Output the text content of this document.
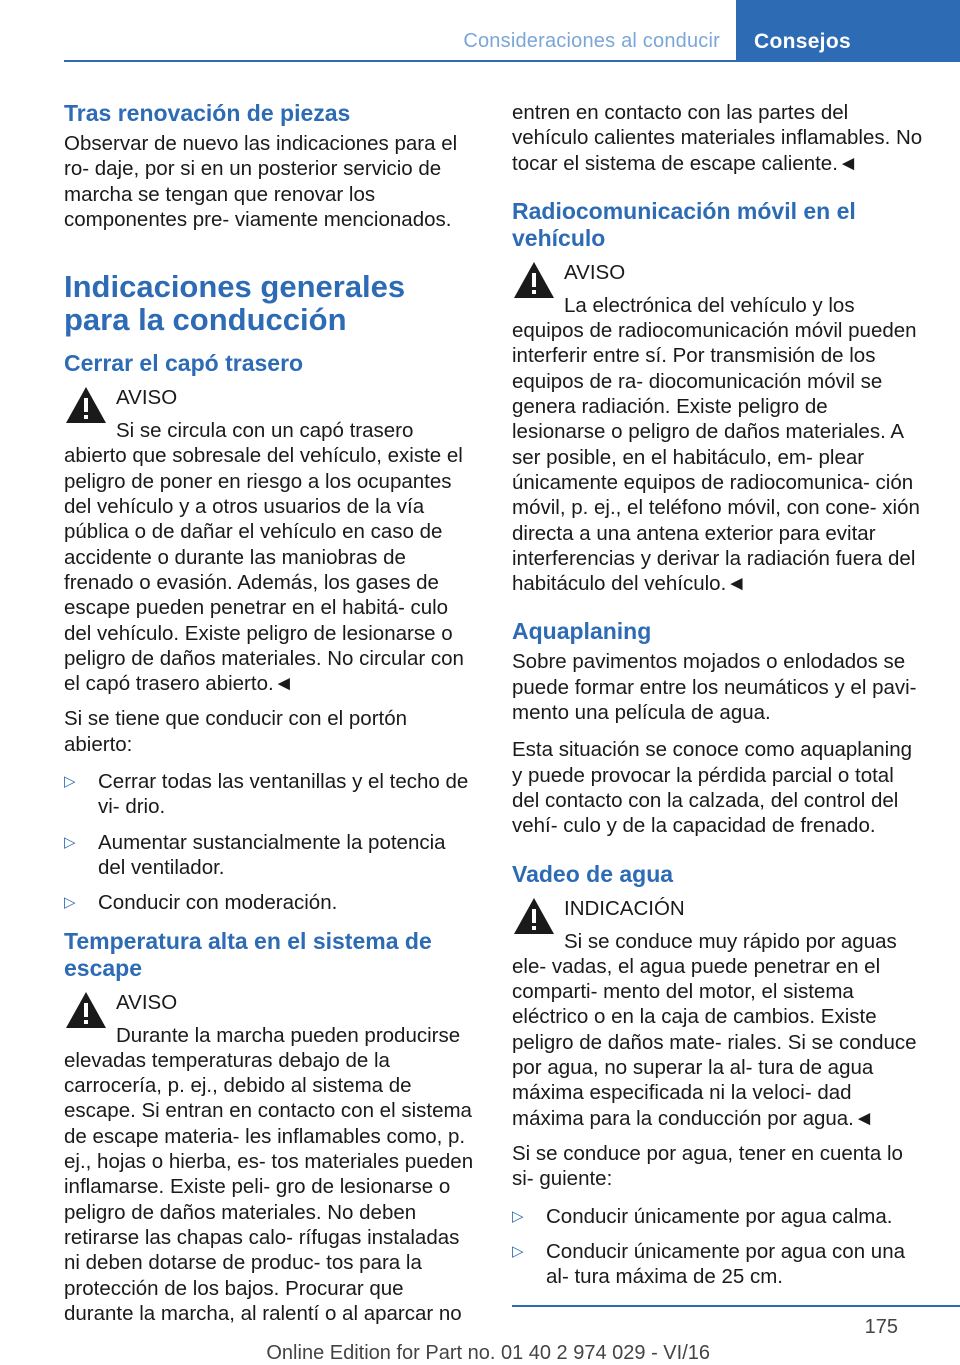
Consideraciones al conducir	Consejos
Tras renovación de piezas

Observar de nuevo las indicaciones para el ro‐ daje, por si en un posterior servicio de marcha se tengan que renovar los componentes pre‐ viamente mencionados.

Indicaciones generales para la conducción
Cerrar el capó trasero
AVISO
Si se circula con un capó trasero abierto que sobresale del vehículo, existe el peligro de poner en riesgo a los ocupantes del vehículo y a otros usuarios de la vía pública o de dañar el vehículo en caso de accidente o durante las maniobras de frenado o evasión. Además, los gases de escape pueden penetrar en el habitá‐ culo del vehículo. Existe peligro de lesionarse o peligro de daños materiales. No circular con el capó trasero abierto.◄

Si se tiene que conducir con el portón abierto:

▷ Cerrar todas las ventanillas y el techo de vi‐ drio.
▷ Aumentar sustancialmente la potencia del ventilador.
▷ Conducir con moderación.
Temperatura alta en el sistema de escape
AVISO
Durante la marcha pueden producirse elevadas temperaturas debajo de la carrocería, p. ej., debido al sistema de escape. Si entran en contacto con el sistema de escape materia‐ les inflamables como, p. ej., hojas o hierba, es‐ tos materiales pueden inflamarse. Existe peli‐ gro de lesionarse o peligro de daños materiales. No deben retirarse las chapas calo‐ rífugas instaladas ni deben dotarse de produc‐ tos para la protección de los bajos. Procurar que durante la marcha, al ralentí o al aparcar no

entren en contacto con las partes del vehículo calientes materiales inflamables. No tocar el sistema de escape caliente.◄

Radiocomunicación móvil en el vehículo
AVISO
La electrónica del vehículo y los equipos de radiocomunicación móvil pueden interferir entre sí. Por transmisión de los equipos de ra‐ diocomunicación móvil se genera radiación. Existe peligro de lesionarse o peligro de daños materiales. A ser posible, en el habitáculo, em‐ plear únicamente equipos de radiocomunica‐ ción móvil, p. ej., el teléfono móvil, con cone‐ xión directa a una antena exterior para evitar interferencias y derivar la radiación fuera del habitáculo del vehículo.◄
Aquaplaning

Sobre pavimentos mojados o enlodados se puede formar entre los neumáticos y el pavi‐ mento una película de agua.

Esta situación se conoce como aquaplaning y puede provocar la pérdida parcial o total del contacto con la calzada, del control del vehí‐ culo y de la capacidad de frenado.

Vadeo de agua
INDICACIÓN
Si se conduce muy rápido por aguas ele‐ vadas, el agua puede penetrar en el comparti‐ mento del motor, el sistema eléctrico o en la caja de cambios. Existe peligro de daños mate‐ riales. Si se conduce por agua, no superar la al‐ tura de agua máxima especificada ni la veloci‐ dad máxima para la conducción por agua.◄

Si se conduce por agua, tener en cuenta lo si‐ guiente:

▷ Conducir únicamente por agua calma.
▷ Conducir únicamente por agua con una al‐ tura máxima de 25 cm.
175
Online Edition for Part no. 01 40 2 974 029 - VI/16
